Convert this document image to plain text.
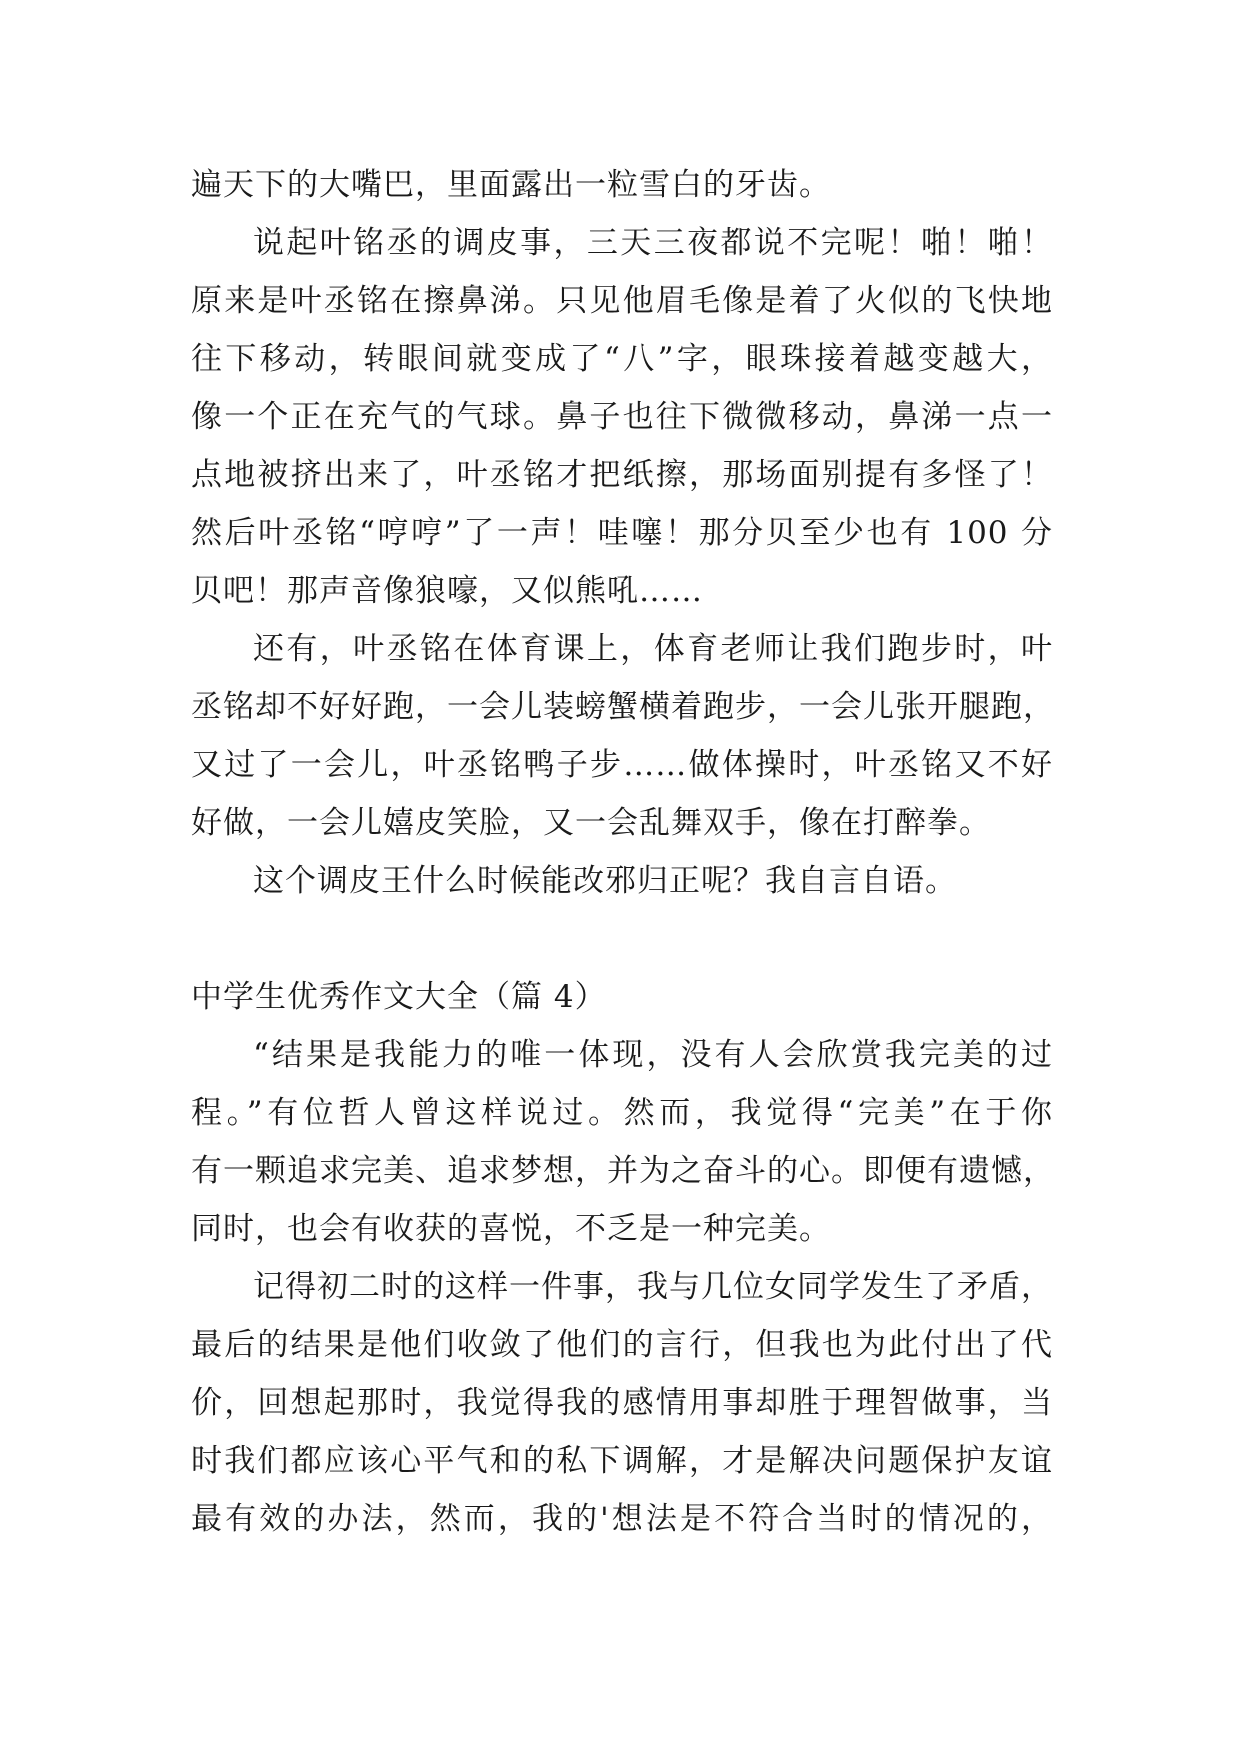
遍天下的大嘴巴，里面露出一粒雪白的牙齿。
说起叶铭丞的调皮事，三天三夜都说不完呢！啪！啪！
原来是叶丞铭在擦鼻涕。只见他眉毛像是着了火似的飞快地
往下移动，转眼间就变成了“八”字，眼珠接着越变越大，
像一个正在充气的气球。鼻子也往下微微移动，鼻涕一点一
点地被挤出来了，叶丞铭才把纸擦，那场面别提有多怪了！
然后叶丞铭“哼哼”了一声！哇噻！那分贝至少也有 100 分
贝吧！那声音像狼嚎，又似熊吼……
还有，叶丞铭在体育课上，体育老师让我们跑步时，叶
丞铭却不好好跑，一会儿装螃蟹横着跑步，一会儿张开腿跑，
又过了一会儿，叶丞铭鸭子步……做体操时，叶丞铭又不好
好做，一会儿嬉皮笑脸，又一会乱舞双手，像在打醉拳。
这个调皮王什么时候能改邪归正呢？我自言自语。
中学生优秀作文大全（篇 4）
“结果是我能力的唯一体现，没有人会欣赏我完美的过
程。”有位哲人曾这样说过。然而，我觉得“完美”在于你
有一颗追求完美、追求梦想，并为之奋斗的心。即便有遗憾，
同时，也会有收获的喜悦，不乏是一种完美。
记得初二时的这样一件事，我与几位女同学发生了矛盾，
最后的结果是他们收敛了他们的言行，但我也为此付出了代
价，回想起那时，我觉得我的感情用事却胜于理智做事，当
时我们都应该心平气和的私下调解，才是解决问题保护友谊
最有效的办法，然而，我的'想法是不符合当时的情况的，
